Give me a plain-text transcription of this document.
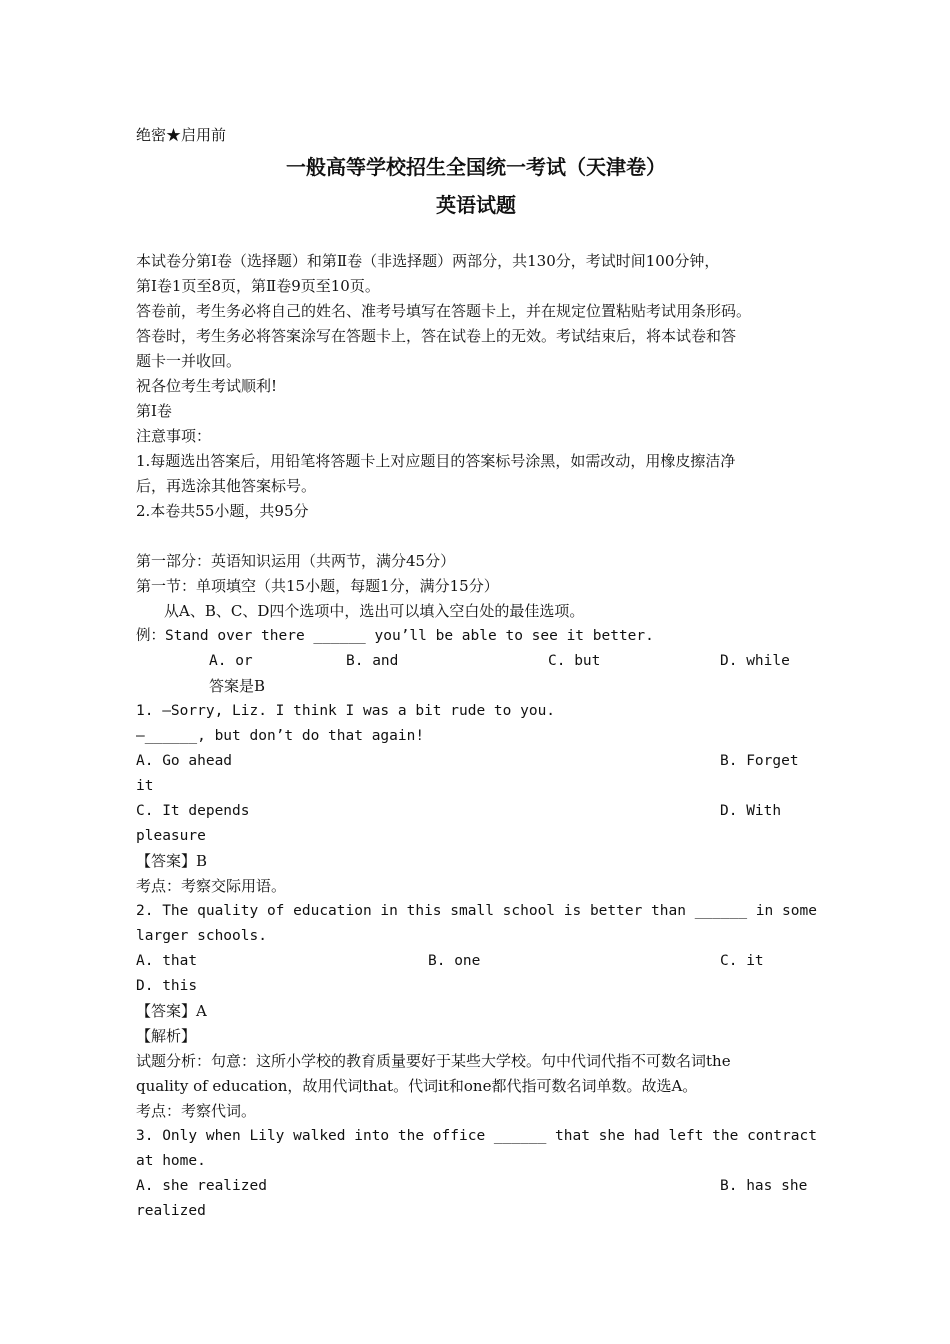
绝密★启用前
一般高等学校招生全国统一考试（天津卷）
英语试题
本试卷分第Ⅰ卷（选择题）和第Ⅱ卷（非选择题）两部分，共130分，考试时间100分钟，
第Ⅰ卷1页至8页，第Ⅱ卷9页至10页。
答卷前，考生务必将自己的姓名、准考号填写在答题卡上，并在规定位置粘贴考试用条形码。
答卷时，考生务必将答案涂写在答题卡上，答在试卷上的无效。考试结束后，将本试卷和答
题卡一并收回。
祝各位考生考试顺利!
第Ⅰ卷
注意事项：
1.每题选出答案后，用铅笔将答题卡上对应题目的答案标号涂黑，如需改动，用橡皮擦洁净
后，再选涂其他答案标号。
2.本卷共55小题，共95分
第一部分：英语知识运用（共两节，满分45分）
第一节：单项填空（共15小题，每题1分，满分15分）
从A、B、C、D四个选项中，选出可以填入空白处的最佳选项。
例：Stand over there ______ you’ll be able to see it better.
A. or	B. and	C. but	D. while
答案是B
1. —Sorry, Liz. I think I was a bit rude to you.
—______, but don’t do that again!
A. Go ahead	B. Forget
it
C. It depends	D. With
pleasure
【答案】B
考点：考察交际用语。
2. The quality of education in this small school is better than ______ in some
larger schools.
A. that	B. one	C. it
D. this
【答案】A
【解析】
试题分析：句意：这所小学校的教育质量要好于某些大学校。句中代词代指不可数名词the
quality of education，故用代词that。代词it和one都代指可数名词单数。故选A。
考点：考察代词。
3. Only when Lily walked into the office ______ that she had left the contract
at home.
A. she realized	B. has she
realized
